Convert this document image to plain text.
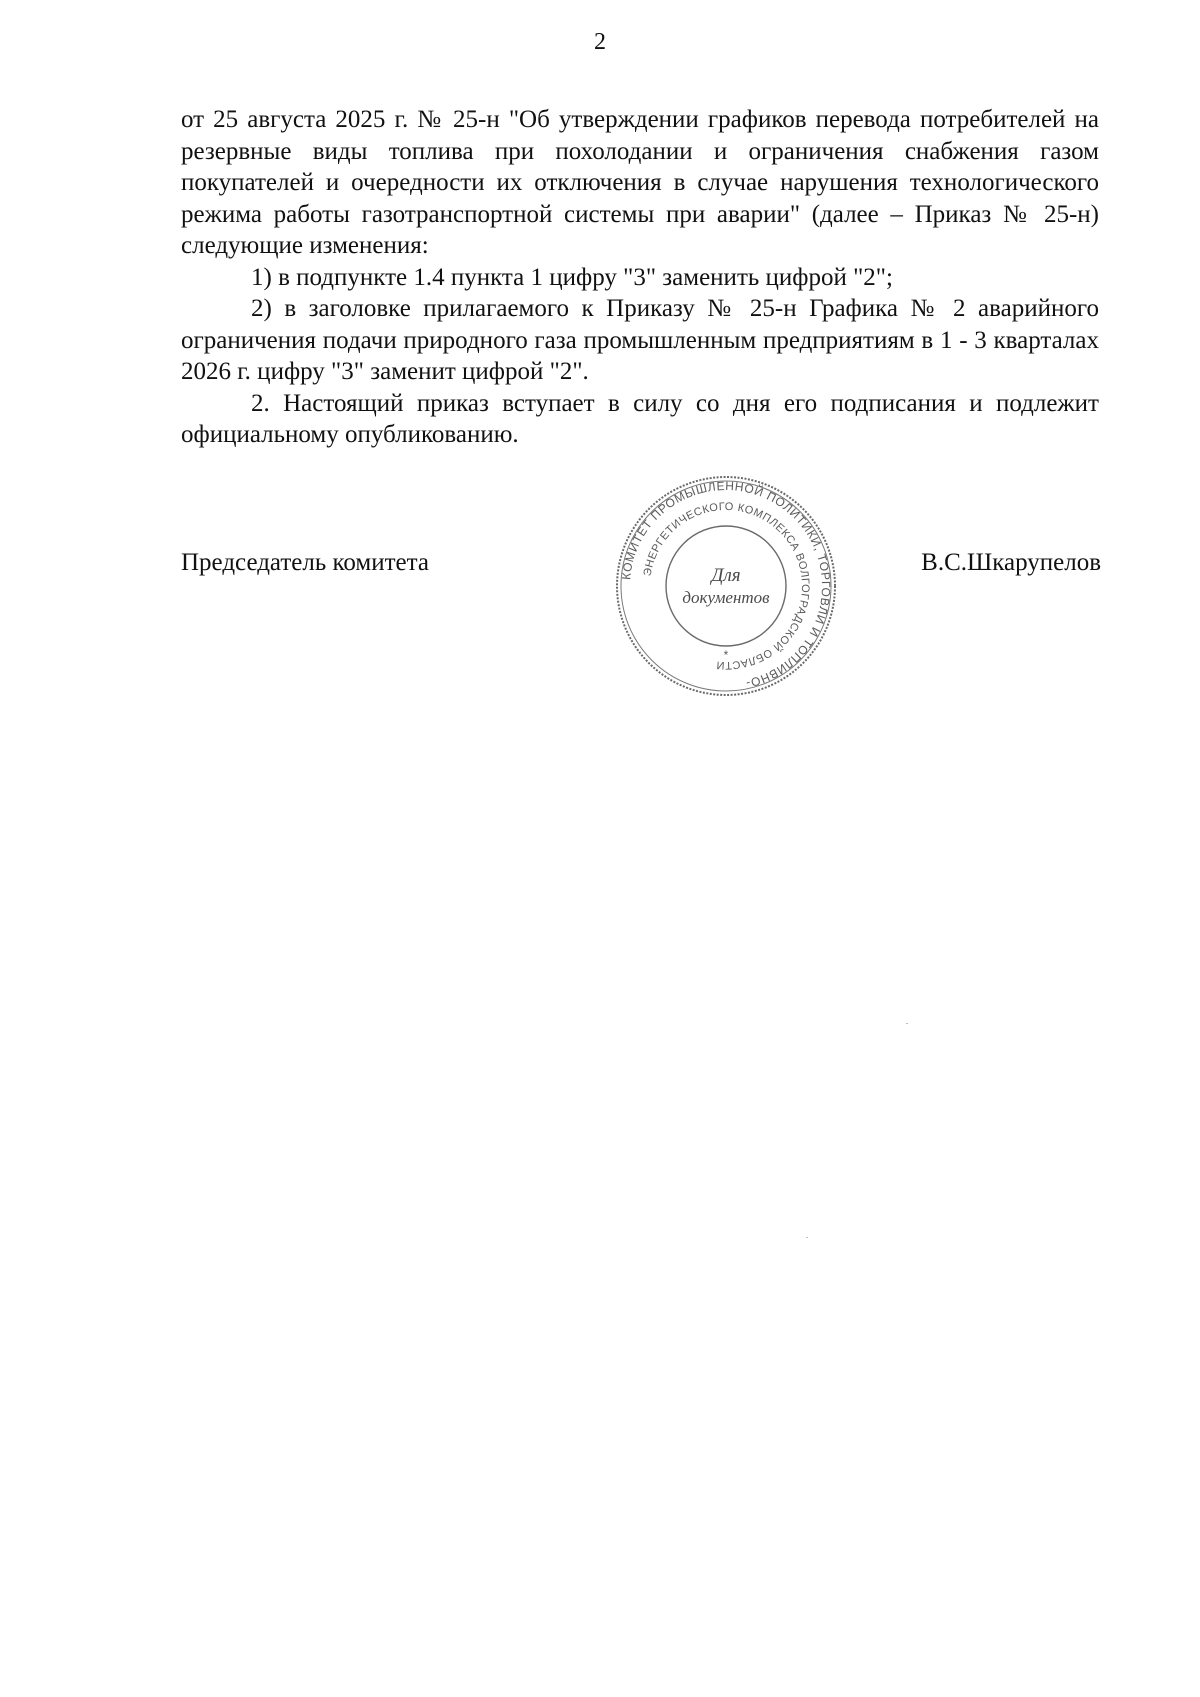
2

от 25 августа 2025 г. № 25-н "Об утверждении графиков перевода потребителей на резервные виды топлива при похолодании и ограничения снабжения газом покупателей и очередности их отключения в случае нарушения технологического режима работы газотранспортной системы при аварии" (далее – Приказ № 25-н) следующие изменения:

1) в подпункте 1.4 пункта 1 цифру "3" заменить цифрой "2";

2) в заголовке прилагаемого к Приказу № 25-н Графика № 2 аварийного ограничения подачи природного газа промышленным предприятиям в 1 - 3 кварталах 2026 г. цифру "3" заменит цифрой "2".

2. Настоящий приказ вступает в силу со дня его подписания и подлежит официальному опубликованию.

Председатель комитета	В.С.Шкарупелов
КОМИТЕТ ПРОМЫШЛЕННОЙ ПОЛИТИКИ, ТОРГОВЛИ И ТОПЛИВНО-
ЭНЕРГЕТИЧЕСКОГО КОМПЛЕКСА ВОЛГОГРАДСКОЙ ОБЛАСТИ
Для
документов
*
